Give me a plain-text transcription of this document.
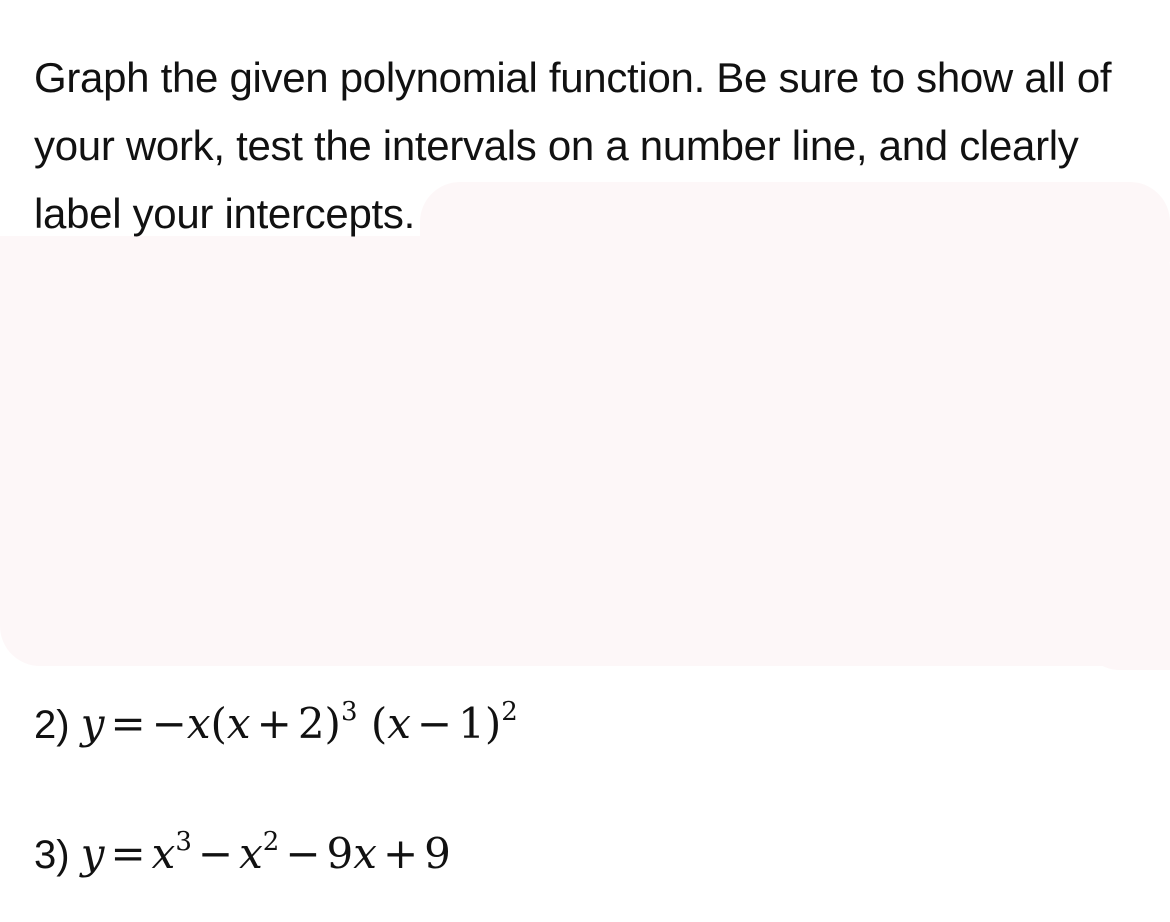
Graph the given polynomial function. Be sure to show all of your work, test the intervals on a number line, and clearly label your intercepts.

2) $y = -x(x + 2)^3$ $(x - 1)^2$
3) $y = x^3 - x^2 - 9x + 9$
